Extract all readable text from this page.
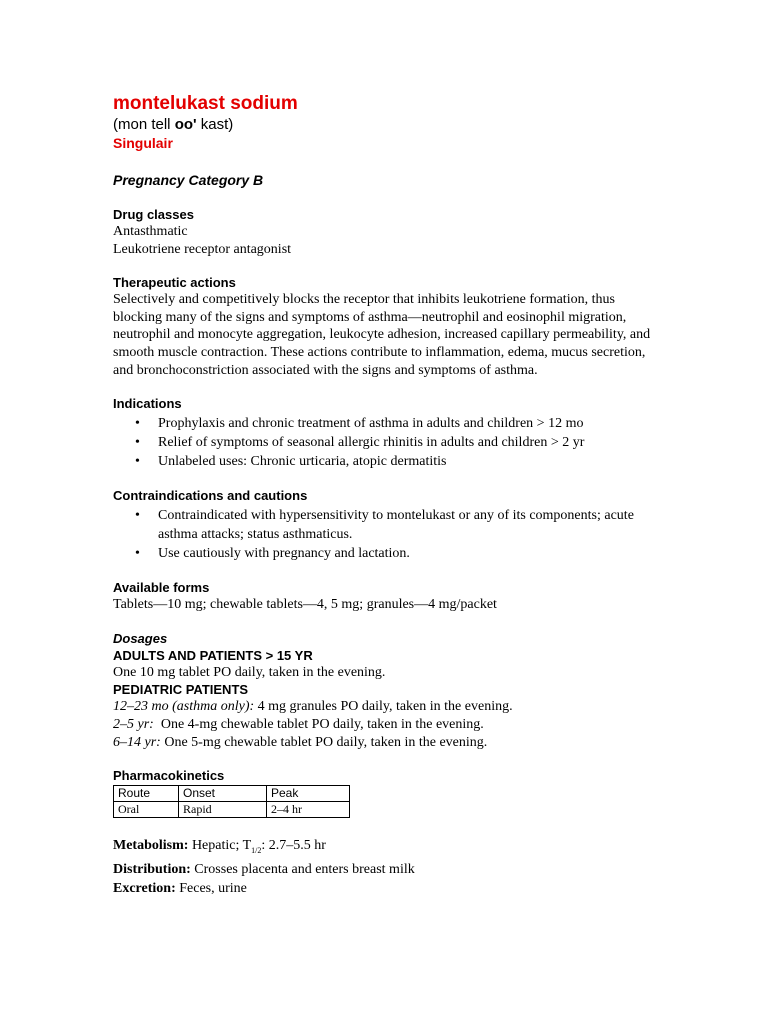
montelukast sodium
(mon tell oo' kast)
Singulair
Pregnancy Category B
Drug classes
Antasthmatic
Leukotriene receptor antagonist
Therapeutic actions
Selectively and competitively blocks the receptor that inhibits leukotriene formation, thus blocking many of the signs and symptoms of asthma—neutrophil and eosinophil migration, neutrophil and monocyte aggregation, leukocyte adhesion, increased capillary permeability, and smooth muscle contraction. These actions contribute to inflammation, edema, mucus secretion, and bronchoconstriction associated with the signs and symptoms of asthma.
Indications
• Prophylaxis and chronic treatment of asthma in adults and children > 12 mo
• Relief of symptoms of seasonal allergic rhinitis in adults and children > 2 yr
• Unlabeled uses: Chronic urticaria, atopic dermatitis
Contraindications and cautions
• Contraindicated with hypersensitivity to montelukast or any of its components; acute asthma attacks; status asthmaticus.
• Use cautiously with pregnancy and lactation.
Available forms
Tablets—10 mg; chewable tablets—4, 5 mg; granules—4 mg/packet
Dosages
ADULTS AND PATIENTS > 15 YR
One 10 mg tablet PO daily, taken in the evening.
PEDIATRIC PATIENTS
12–23 mo (asthma only): 4 mg granules PO daily, taken in the evening.
2–5 yr:  One 4-mg chewable tablet PO daily, taken in the evening.
6–14 yr: One 5-mg chewable tablet PO daily, taken in the evening.
Pharmacokinetics
Route	Onset	Peak
Oral	Rapid	2–4 hr
Metabolism: Hepatic; $T_{1/2}$: 2.7–5.5 hr
Distribution: Crosses placenta and enters breast milk
Excretion: Feces, urine
